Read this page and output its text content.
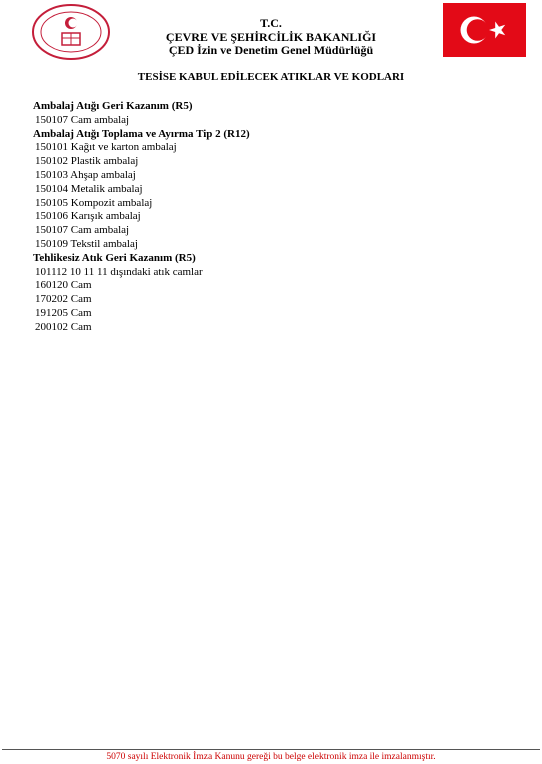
T.C.
ÇEVRE VE ŞEHİRCİLİK BAKANLIĞI
ÇED İzin ve Denetim Genel Müdürlüğü
TESİSE KABUL EDİLECEK ATIKLAR VE KODLARI
Ambalaj Atığı Geri Kazanım (R5)
150107 Cam ambalaj
Ambalaj Atığı Toplama ve Ayırma Tip 2 (R12)
150101 Kağıt ve karton ambalaj
150102 Plastik ambalaj
150103 Ahşap ambalaj
150104 Metalik ambalaj
150105 Kompozit ambalaj
150106 Karışık ambalaj
150107 Cam ambalaj
150109 Tekstil ambalaj
Tehlikesiz Atık Geri Kazanım (R5)
101112 10 11 11 dışındaki atık camlar
160120 Cam
170202 Cam
191205 Cam
200102 Cam
5070 sayılı Elektronik İmza Kanunu gereği bu belge elektronik imza ile imzalanmıştır.
